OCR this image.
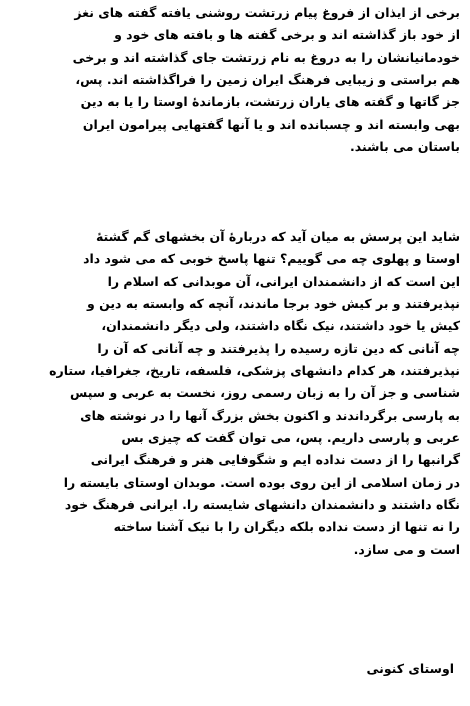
برخی از ایذان از فروغ پیام زرتشت روشنی یافته گفته های نغز
از خود باز گذاشته اند و برخی گفته ها و بافته های خود و
خودمانیانشان را به دروغ به نام زرتشت جای گذاشته اند و برخی
هم براستی و زیبایی فرهنگ ایران زمین را فراگذاشته اند. پس،
جز گاتها و گفته های یاران زرتشت، بازماندهٔ اوستا را یا به دین
بهی وابسته اند و چسبانده اند و یا آنها گفتهایی پیرامون ایران
باستان می باشند.
شاید این پرسش به میان آید که دربارهٔ آن بخشهای گم گشتهٔ
اوستا و پهلوی چه می گوییم؟ تنها پاسخ خوبی که می شود داد
این است که از دانشمندان ایرانی، آن موبدانی که اسلام را
نپذیرفتند و بر کیش خود برجا ماندند، آنچه که وابسته به دین و
کیش یا خود داشتند، نیک نگاه داشتند، ولی دیگر دانشمندان،
چه آنانی که دین تازه رسیده را پذیرفتند و چه آنانی که آن را
نپذیرفتند، هر کدام دانشهای پزشکی، فلسفه، تاریخ، جغرافیا، ستاره
شناسی و جز آن را به زبان رسمی روز، نخست به عربی و سپس
به پارسی برگرداندند و اکنون بخش بزرگ آنها را در نوشته های
عربی و پارسی داریم. پس، می توان گفت که چیزی بس
گرانبها را از دست نداده ایم و شگوفایی هنر و فرهنگ ایرانی
در زمان اسلامی از این روی بوده است. موبدان اوستای بایسته را
نگاه داشتند و دانشمندان دانشهای شایسته را. ایرانی فرهنگ خود
را نه تنها از دست نداده بلکه دیگران را با نیک آشنا ساخته
است و می سازد.
اوستای کنونی
